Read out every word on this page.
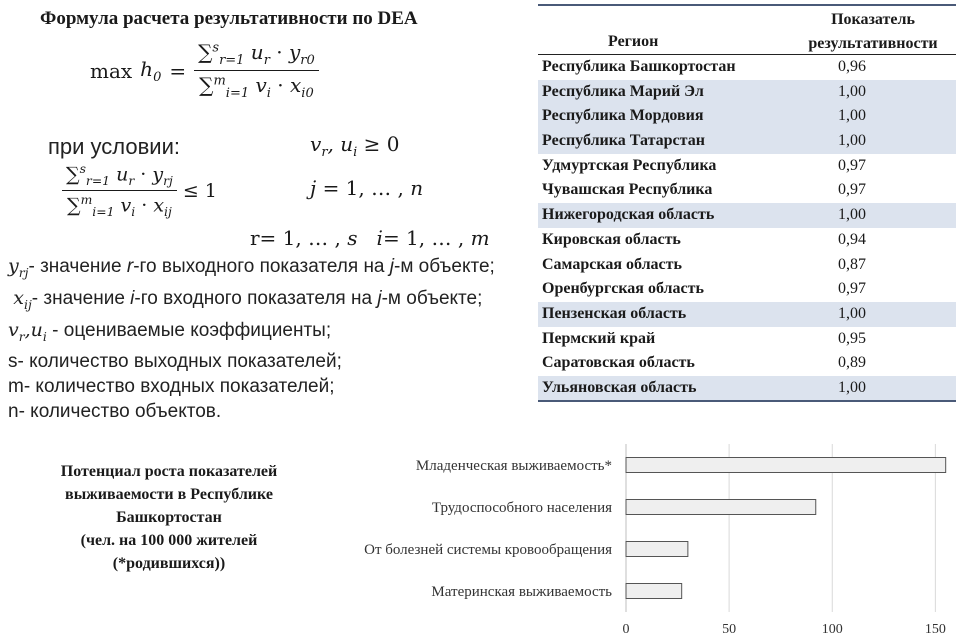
Формула расчета результативности по DEA
$\max h_0 = \frac{\sum^s_{r=1} u_r \cdot y_{r0}}{\sum^m_{i=1} v_i \cdot x_{i0}}$
при условии:	$v_r$, $u_i \ge 0$
$\frac{\sum^s_{r=1} u_r \cdot y_{rj}}{\sum^m_{i=1} v_i \cdot x_{ij}} \le 1$	j = 1, … , n
r= 1, … , s   i= 1, … , m
$y_{rj}-$ значение r-го выходного показателя на j-м объекте;
$x_{ij}-$ значение i-го входного показателя на j-м объекте;
$v_r,u_i$ - оцениваемые коэффициенты;
s- количество выходных показателей;
m- количество входных показателей;
n- количество объектов.
Регион
Показатель результативности
Республика Башкортостан	0,96
Республика Марий Эл	1,00
Республика Мордовия	1,00
Республика Татарстан	1,00
Удмуртская Республика	0,97
Чувашская Республика	0,97
Нижегородская область	1,00
Кировская область	0,94
Самарская область	0,87
Оренбургская область	0,97
Пензенская область	1,00
Пермский край	0,95
Саратовская область	0,89
Ульяновская область	1,00
Потенциал роста показателей
выживаемости в Республике
Башкортостан
(чел. на 100 000 жителей
(*родившихся))
Младенческая выживаемость*
Трудоспособного населения
От болезней системы кровообращения
Материнская выживаемость
0	50	100	150
